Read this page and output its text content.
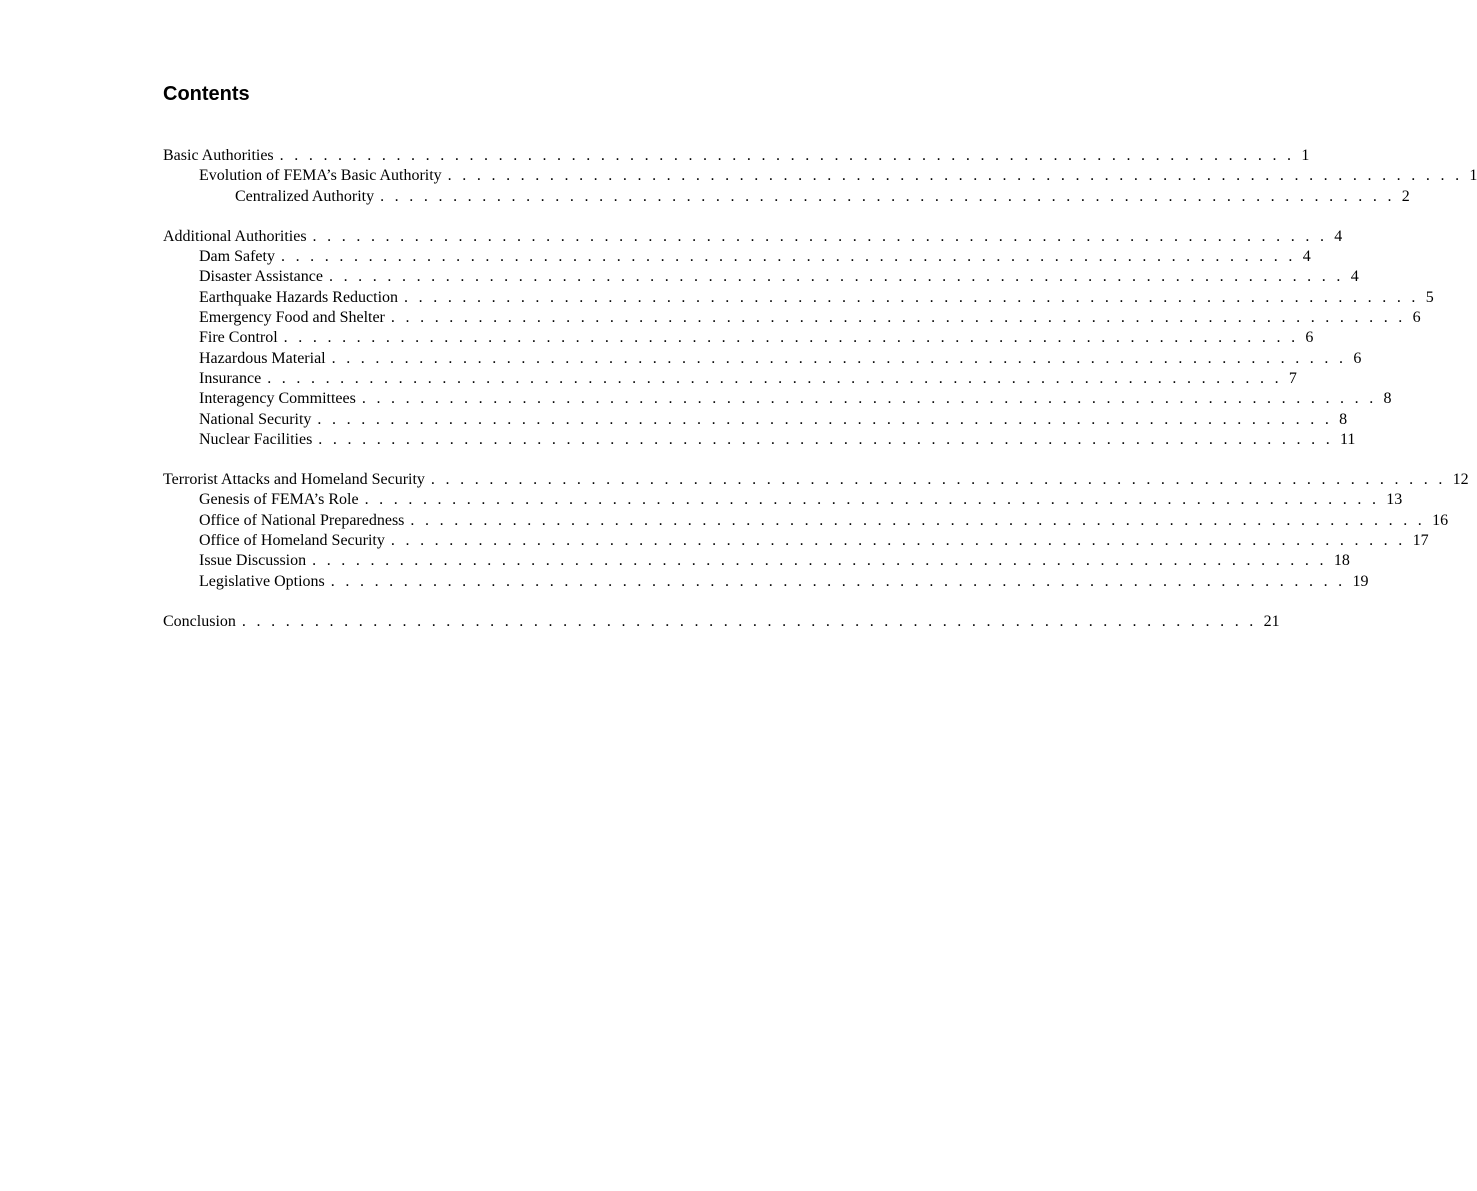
Contents
Basic Authorities . . . . . . . . . . . . . . . . . . . . . . . . . . . . . . . . . . . . . . . . . . . . . . . . . . . . . . . . . . . . . . . . . . . . . . 1
Evolution of FEMA’s Basic Authority . . . . . . . . . . . . . . . . . . . . . . . . . . . . . . . . . . . . . . . . . . . . . . . . . . . . . . . . . . . . . . . . . . . . . . 1
Centralized Authority . . . . . . . . . . . . . . . . . . . . . . . . . . . . . . . . . . . . . . . . . . . . . . . . . . . . . . . . . . . . . . . . . . . . . . 2
Additional Authorities . . . . . . . . . . . . . . . . . . . . . . . . . . . . . . . . . . . . . . . . . . . . . . . . . . . . . . . . . . . . . . . . . . . . . . 4
Dam Safety . . . . . . . . . . . . . . . . . . . . . . . . . . . . . . . . . . . . . . . . . . . . . . . . . . . . . . . . . . . . . . . . . . . . . . 4
Disaster Assistance . . . . . . . . . . . . . . . . . . . . . . . . . . . . . . . . . . . . . . . . . . . . . . . . . . . . . . . . . . . . . . . . . . . . . . 4
Earthquake Hazards Reduction . . . . . . . . . . . . . . . . . . . . . . . . . . . . . . . . . . . . . . . . . . . . . . . . . . . . . . . . . . . . . . . . . . . . . . 5
Emergency Food and Shelter . . . . . . . . . . . . . . . . . . . . . . . . . . . . . . . . . . . . . . . . . . . . . . . . . . . . . . . . . . . . . . . . . . . . . . 6
Fire Control . . . . . . . . . . . . . . . . . . . . . . . . . . . . . . . . . . . . . . . . . . . . . . . . . . . . . . . . . . . . . . . . . . . . . . 6
Hazardous Material . . . . . . . . . . . . . . . . . . . . . . . . . . . . . . . . . . . . . . . . . . . . . . . . . . . . . . . . . . . . . . . . . . . . . . 6
Insurance . . . . . . . . . . . . . . . . . . . . . . . . . . . . . . . . . . . . . . . . . . . . . . . . . . . . . . . . . . . . . . . . . . . . . . 7
Interagency Committees . . . . . . . . . . . . . . . . . . . . . . . . . . . . . . . . . . . . . . . . . . . . . . . . . . . . . . . . . . . . . . . . . . . . . . 8
National Security . . . . . . . . . . . . . . . . . . . . . . . . . . . . . . . . . . . . . . . . . . . . . . . . . . . . . . . . . . . . . . . . . . . . . . 8
Nuclear Facilities . . . . . . . . . . . . . . . . . . . . . . . . . . . . . . . . . . . . . . . . . . . . . . . . . . . . . . . . . . . . . . . . . . . . . . 11
Terrorist Attacks and Homeland Security . . . . . . . . . . . . . . . . . . . . . . . . . . . . . . . . . . . . . . . . . . . . . . . . . . . . . . . . . . . . . . . . . . . . . . 12
Genesis of FEMA’s Role . . . . . . . . . . . . . . . . . . . . . . . . . . . . . . . . . . . . . . . . . . . . . . . . . . . . . . . . . . . . . . . . . . . . . . 13
Office of National Preparedness . . . . . . . . . . . . . . . . . . . . . . . . . . . . . . . . . . . . . . . . . . . . . . . . . . . . . . . . . . . . . . . . . . . . . . 16
Office of Homeland Security . . . . . . . . . . . . . . . . . . . . . . . . . . . . . . . . . . . . . . . . . . . . . . . . . . . . . . . . . . . . . . . . . . . . . . 17
Issue Discussion . . . . . . . . . . . . . . . . . . . . . . . . . . . . . . . . . . . . . . . . . . . . . . . . . . . . . . . . . . . . . . . . . . . . . . 18
Legislative Options . . . . . . . . . . . . . . . . . . . . . . . . . . . . . . . . . . . . . . . . . . . . . . . . . . . . . . . . . . . . . . . . . . . . . . 19
Conclusion . . . . . . . . . . . . . . . . . . . . . . . . . . . . . . . . . . . . . . . . . . . . . . . . . . . . . . . . . . . . . . . . . . . . . . 21
